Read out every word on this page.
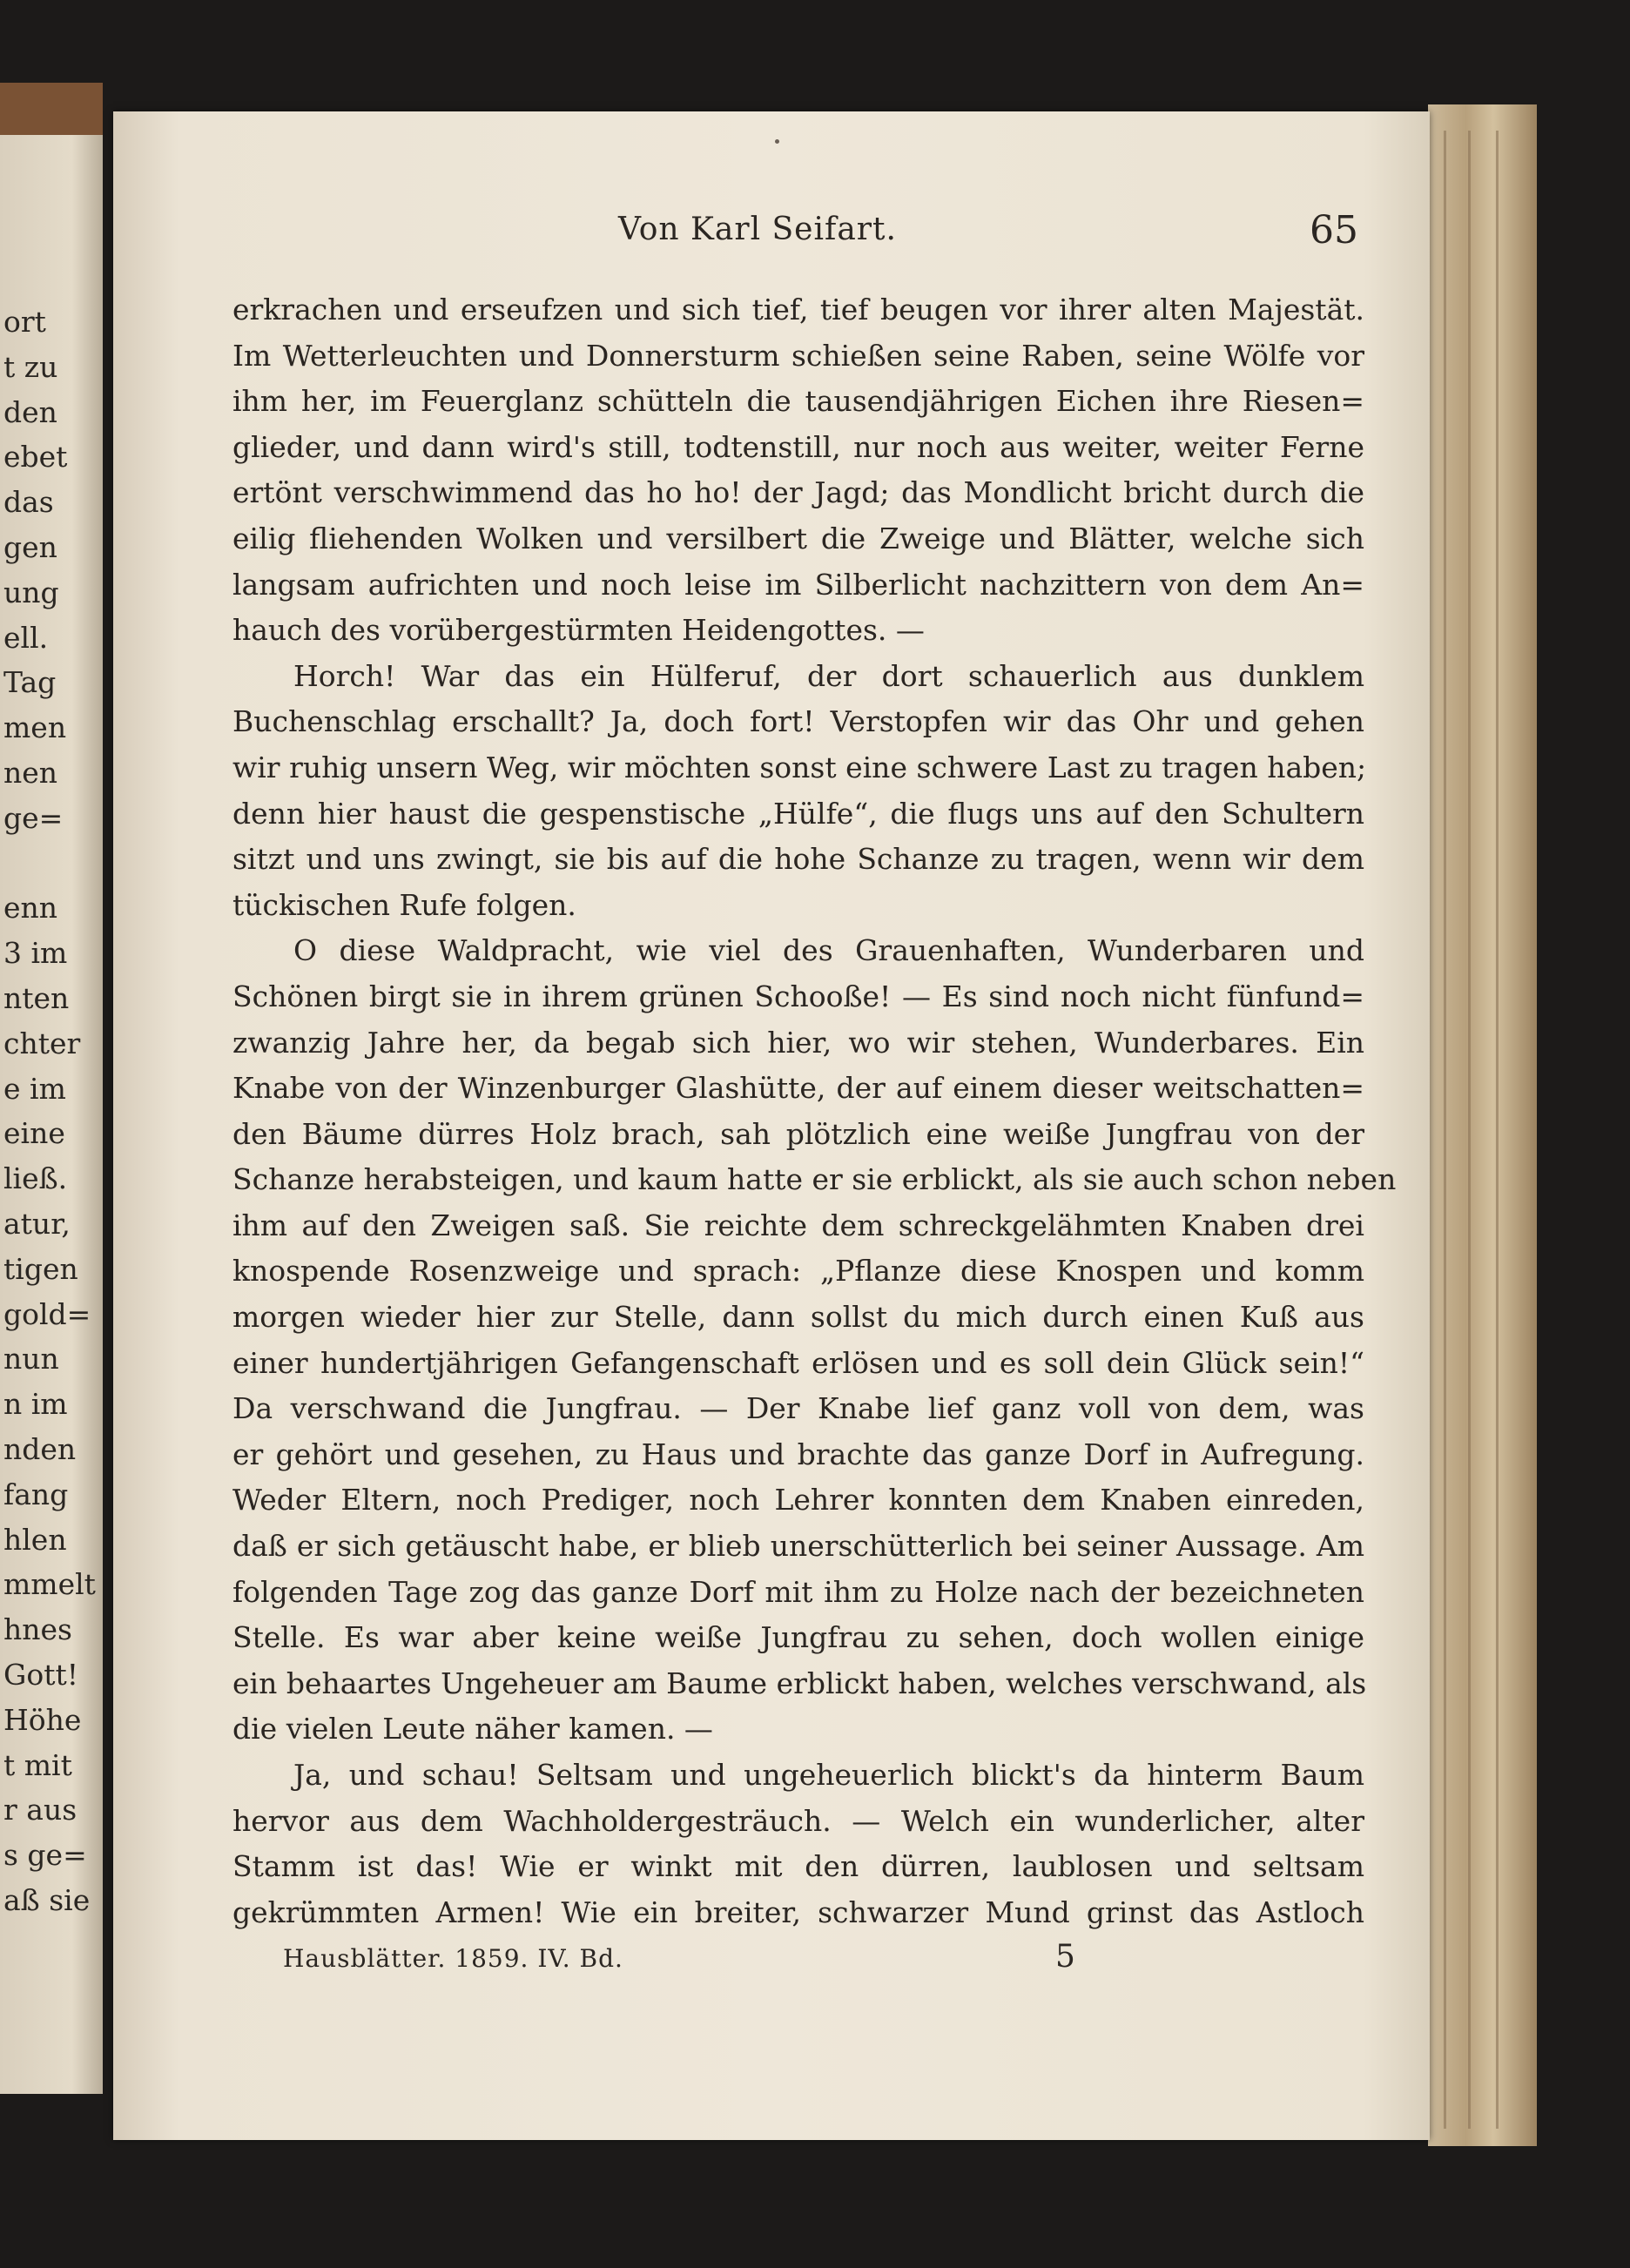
ort
t zu
den
ebet
das
gen
ung
ell.
Tag
men
nen
ge=
enn
3 im
nten
chter
e im
eine
ließ.
atur,
tigen
gold=
nun
n im
nden
fang
hlen
mmelt
hnes
Gott!
Höhe
t mit
r aus
s ge=
aß sie
Von Karl Seifart.	65
erkrachen und erseufzen und sich tief, tief beugen vor ihrer alten Majestät.
Im Wetterleuchten und Donnersturm schießen seine Raben, seine Wölfe vor
ihm her, im Feuerglanz schütteln die tausendjährigen Eichen ihre Riesen=
glieder, und dann wird's still, todtenstill, nur noch aus weiter, weiter Ferne
ertönt verschwimmend das ho ho! der Jagd; das Mondlicht bricht durch die
eilig fliehenden Wolken und versilbert die Zweige und Blätter, welche sich
langsam aufrichten und noch leise im Silberlicht nachzittern von dem An=
hauch des vorübergestürmten Heidengottes. —
Horch! War das ein Hülferuf, der dort schauerlich aus dunklem
Buchenschlag erschallt? Ja, doch fort! Verstopfen wir das Ohr und gehen
wir ruhig unsern Weg, wir möchten sonst eine schwere Last zu tragen haben;
denn hier haust die gespenstische „Hülfe“, die flugs uns auf den Schultern
sitzt und uns zwingt, sie bis auf die hohe Schanze zu tragen, wenn wir dem
tückischen Rufe folgen.
O diese Waldpracht, wie viel des Grauenhaften, Wunderbaren und
Schönen birgt sie in ihrem grünen Schooße! — Es sind noch nicht fünfund=
zwanzig Jahre her, da begab sich hier, wo wir stehen, Wunderbares. Ein
Knabe von der Winzenburger Glashütte, der auf einem dieser weitschatten=
den Bäume dürres Holz brach, sah plötzlich eine weiße Jungfrau von der
Schanze herabsteigen, und kaum hatte er sie erblickt, als sie auch schon neben
ihm auf den Zweigen saß. Sie reichte dem schreckgelähmten Knaben drei
knospende Rosenzweige und sprach: „Pflanze diese Knospen und komm
morgen wieder hier zur Stelle, dann sollst du mich durch einen Kuß aus
einer hundertjährigen Gefangenschaft erlösen und es soll dein Glück sein!“
Da verschwand die Jungfrau. — Der Knabe lief ganz voll von dem, was
er gehört und gesehen, zu Haus und brachte das ganze Dorf in Aufregung.
Weder Eltern, noch Prediger, noch Lehrer konnten dem Knaben einreden,
daß er sich getäuscht habe, er blieb unerschütterlich bei seiner Aussage. Am
folgenden Tage zog das ganze Dorf mit ihm zu Holze nach der bezeichneten
Stelle. Es war aber keine weiße Jungfrau zu sehen, doch wollen einige
ein behaartes Ungeheuer am Baume erblickt haben, welches verschwand, als
die vielen Leute näher kamen. —
Ja, und schau! Seltsam und ungeheuerlich blickt's da hinterm Baum
hervor aus dem Wachholdergesträuch. — Welch ein wunderlicher, alter
Stamm ist das! Wie er winkt mit den dürren, laublosen und seltsam
gekrümmten Armen! Wie ein breiter, schwarzer Mund grinst das Astloch
Hausblätter. 1859. IV. Bd.	5
